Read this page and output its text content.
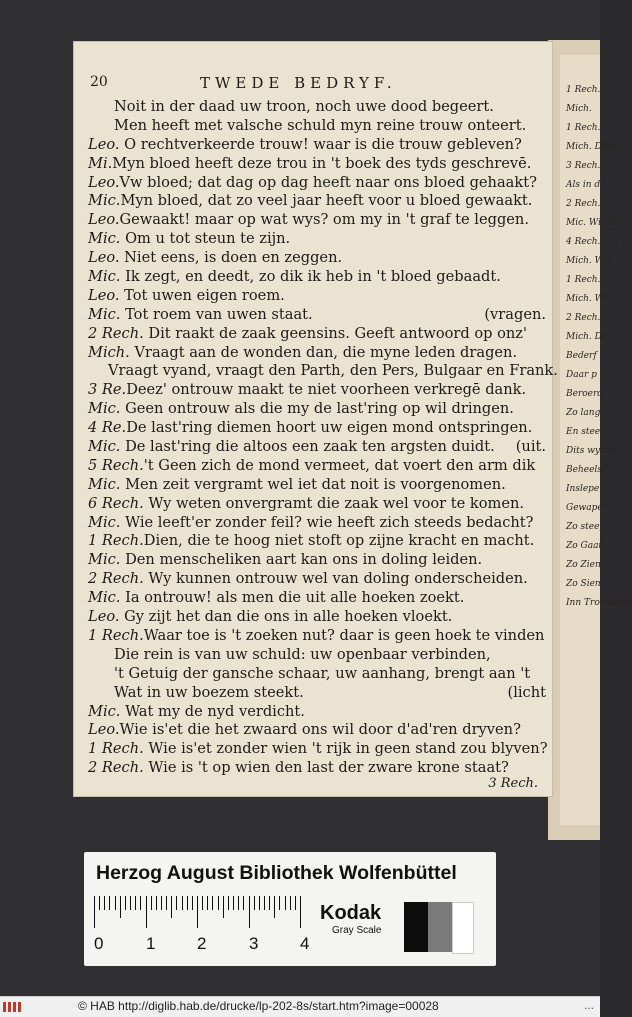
1 Rech.
Mich.
1 Rech.
Mich. Dien
3 Rech.
Als in de
2 Rech. Wat
Mic. Wie kn
4 Rech. Wy
Mich. Wie
1 Rech.
Mich. Wie
2 Rech.
Mich. De
Bederf
Daar p
Beroerd
Zo lang
En steel
Dits wyard
Beheelsen
Inslepen
Gewapen
Zo steeg
Zo Gaat
Zo Zien
Zo Sien u
Inn Trouweme
20	TWEDE BEDRYF.
Noit in der daad uw troon, noch uwe dood begeert.
Men heeft met valsche schuld myn reine trouw onteert.
Leo. O rechtverkeerde trouw! waar is die trouw gebleven?
Mi.Myn bloed heeft deze trou in 't boek des tyds geschrevē.
Leo.Vw bloed; dat dag op dag heeft naar ons bloed gehaakt?
Mic.Myn bloed, dat zo veel jaar heeft voor u bloed gewaakt.
Leo.Gewaakt! maar op wat wys? om my in 't graf te leggen.
Mic. Om u tot steun te zijn.
Leo. Niet eens, is doen en zeggen.
Mic. Ik zegt, en deedt, zo dik ik heb in 't bloed gebaadt.
Leo. Tot uwen eigen roem.
Mic. Tot roem van uwen staat.	(vragen.
2 Rech. Dit raakt de zaak geensins. Geeft antwoord op onz'
Mich. Vraagt aan de wonden dan, die myne leden dragen.
Vraagt vyand, vraagt den Parth, den Pers, Bulgaar en Frank.
3 Re.Deez' ontrouw maakt te niet voorheen verkregē dank.
Mic. Geen ontrouw als die my de last'ring op wil dringen.
4 Re.De last'ring diemen hoort uw eigen mond ontspringen.
Mic. De last'ring die altoos een zaak ten argsten duidt. (uit.
5 Rech.'t Geen zich de mond vermeet, dat voert den arm dik
Mic. Men zeit vergramt wel iet dat noit is voorgenomen.
6 Rech. Wy weten onvergramt die zaak wel voor te komen.
Mic. Wie leeft'er zonder feil? wie heeft zich steeds bedacht?
1 Rech.Dien, die te hoog niet stoft op zijne kracht en macht.
Mic. Den menscheliken aart kan ons in doling leiden.
2 Rech. Wy kunnen ontrouw wel van doling onderscheiden.
Mic. Ia ontrouw! als men die uit alle hoeken zoekt.
Leo. Gy zijt het dan die ons in alle hoeken vloekt.
1 Rech.Waar toe is 't zoeken nut? daar is geen hoek te vinden
Die rein is van uw schuld: uw openbaar verbinden,
't Getuig der gansche schaar, uw aanhang, brengt aan 't
Wat in uw boezem steekt.	(licht
Mic. Wat my de nyd verdicht.
Leo.Wie is'et die het zwaard ons wil door d'ad'ren dryven?
1 Rech. Wie is'et zonder wien 't rijk in geen stand zou blyven?
2 Rech. Wie is 't op wien den last der zware krone staat?
3 Rech.
Herzog August Bibliothek Wolfenbüttel
0	1 2	3 4
Kodak
Gray Scale
© HAB http://diglib.hab.de/drucke/lp-202-8s/start.htm?image=00028	...
